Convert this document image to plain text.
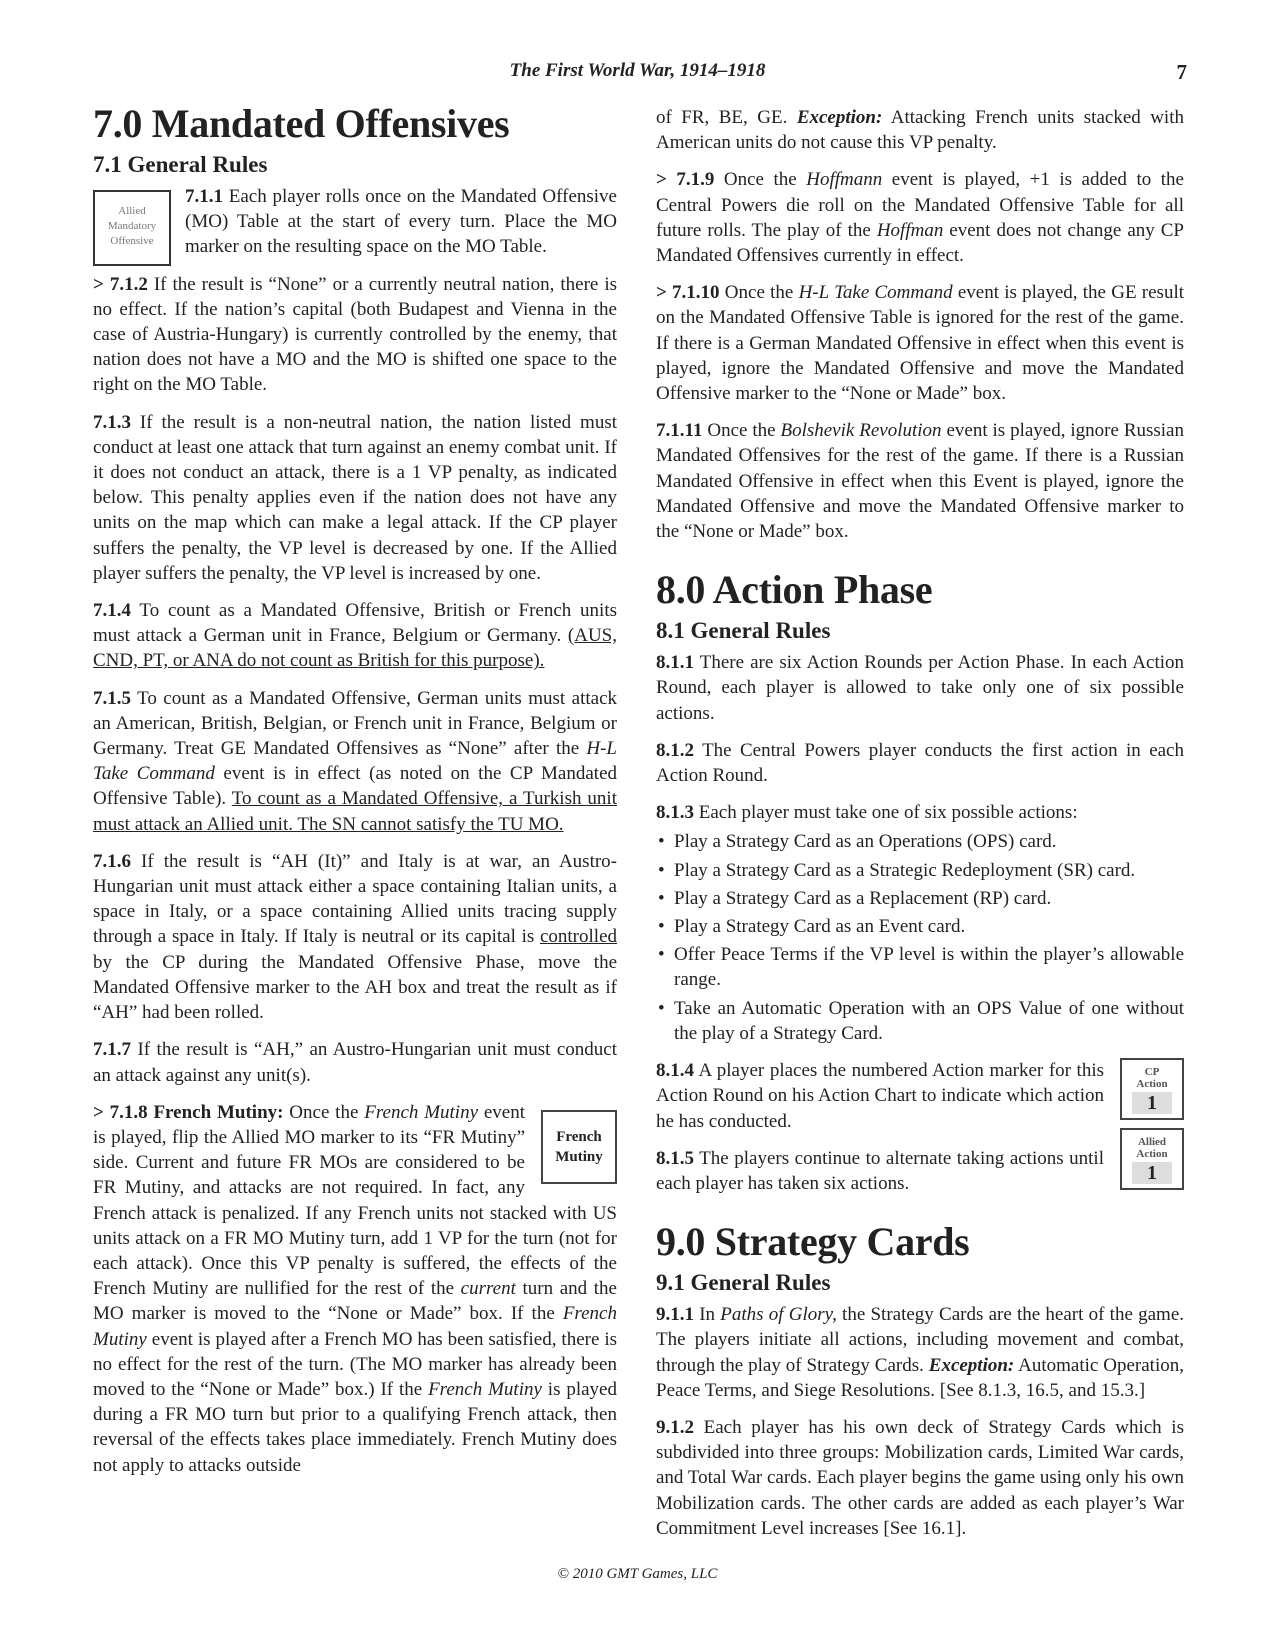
The First World War, 1914–1918	7
7.0 Mandated Offensives
7.1 General Rules
Allied Mandatory Offensive

7.1.1 Each player rolls once on the Mandated Offensive (MO) Table at the start of every turn. Place the MO marker on the resulting space on the MO Table.

> 7.1.2 If the result is “None” or a currently neutral nation, there is no effect. If the nation’s capital (both Budapest and Vienna in the case of Austria-Hungary) is currently controlled by the enemy, that nation does not have a MO and the MO is shifted one space to the right on the MO Table.

7.1.3 If the result is a non-neutral nation, the nation listed must conduct at least one attack that turn against an enemy combat unit. If it does not conduct an attack, there is a 1 VP penalty, as indicated below. This penalty applies even if the nation does not have any units on the map which can make a legal attack. If the CP player suffers the penalty, the VP level is decreased by one. If the Allied player suffers the penalty, the VP level is increased by one.

7.1.4 To count as a Mandated Offensive, British or French units must attack a German unit in France, Belgium or Germany. (AUS, CND, PT, or ANA do not count as British for this purpose).

7.1.5 To count as a Mandated Offensive, German units must attack an American, British, Belgian, or French unit in France, Belgium or Germany. Treat GE Mandated Offensives as “None” after the H-L Take Command event is in effect (as noted on the CP Mandated Offensive Table). To count as a Mandated Offensive, a Turkish unit must attack an Allied unit. The SN cannot satisfy the TU MO.

7.1.6 If the result is “AH (It)” and Italy is at war, an Austro-Hungarian unit must attack either a space containing Italian units, a space in Italy, or a space containing Allied units tracing supply through a space in Italy. If Italy is neutral or its capital is controlled by the CP during the Mandated Offensive Phase, move the Mandated Offensive marker to the AH box and treat the result as if “AH” had been rolled.

7.1.7 If the result is “AH,” an Austro-Hungarian unit must conduct an attack against any unit(s).

French Mutiny

> 7.1.8 French Mutiny: Once the French Mutiny event is played, flip the Allied MO marker to its “FR Mutiny” side. Current and future FR MOs are considered to be FR Mutiny, and attacks are not required. In fact, any French attack is penalized. If any French units not stacked with US units attack on a FR MO Mutiny turn, add 1 VP for the turn (not for each attack). Once this VP penalty is suffered, the effects of the French Mutiny are nullified for the rest of the current turn and the MO marker is moved to the “None or Made” box. If the French Mutiny event is played after a French MO has been satisfied, there is no effect for the rest of the turn. (The MO marker has already been moved to the “None or Made” box.) If the French Mutiny is played during a FR MO turn but prior to a qualifying French attack, then reversal of the effects takes place immediately. French Mutiny does not apply to attacks outside

of FR, BE, GE. Exception: Attacking French units stacked with American units do not cause this VP penalty.

> 7.1.9 Once the Hoffmann event is played, +1 is added to the Central Powers die roll on the Mandated Offensive Table for all future rolls. The play of the Hoffman event does not change any CP Mandated Offensives currently in effect.

> 7.1.10 Once the H-L Take Command event is played, the GE result on the Mandated Offensive Table is ignored for the rest of the game. If there is a German Mandated Offensive in effect when this event is played, ignore the Mandated Offensive and move the Mandated Offensive marker to the “None or Made” box.

7.1.11 Once the Bolshevik Revolution event is played, ignore Russian Mandated Offensives for the rest of the game. If there is a Russian Mandated Offensive in effect when this Event is played, ignore the Mandated Offensive and move the Mandated Offensive marker to the “None or Made” box.

8.0 Action Phase
8.1 General Rules

8.1.1 There are six Action Rounds per Action Phase. In each Action Round, each player is allowed to take only one of six possible actions.

8.1.2 The Central Powers player conducts the first action in each Action Round.

8.1.3 Each player must take one of six possible actions:

• Play a Strategy Card as an Operations (OPS) card.
• Play a Strategy Card as a Strategic Redeployment (SR) card.
• Play a Strategy Card as a Replacement (RP) card.
• Play a Strategy Card as an Event card.
• Offer Peace Terms if the VP level is within the player’s allowable range.
• Take an Automatic Operation with an OPS Value of one without the play of a Strategy Card.
CP Action
1
Allied Action
1

8.1.4 A player places the numbered Action marker for this Action Round on his Action Chart to indicate which action he has conducted.

8.1.5 The players continue to alternate taking actions until each player has taken six actions.

9.0 Strategy Cards
9.1 General Rules

9.1.1 In Paths of Glory, the Strategy Cards are the heart of the game. The players initiate all actions, including movement and combat, through the play of Strategy Cards. Exception: Automatic Operation, Peace Terms, and Siege Resolutions. [See 8.1.3, 16.5, and 15.3.]

9.1.2 Each player has his own deck of Strategy Cards which is subdivided into three groups: Mobilization cards, Limited War cards, and Total War cards. Each player begins the game using only his own Mobilization cards. The other cards are added as each player’s War Commitment Level increases [See 16.1].

© 2010 GMT Games, LLC
